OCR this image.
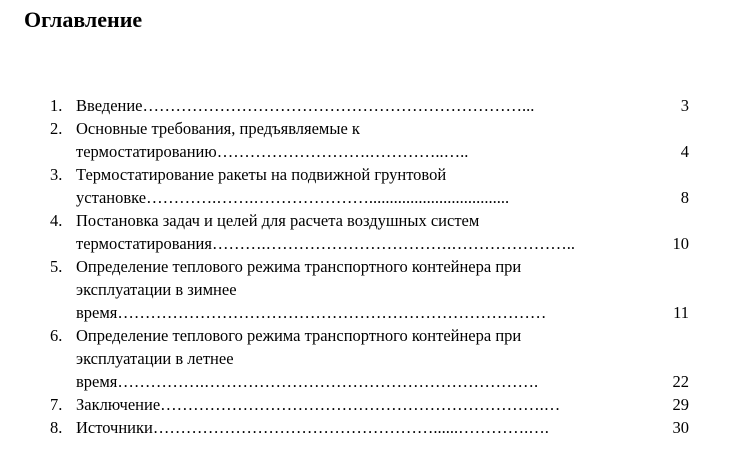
Оглавление
1. Введение ……………………………………………………………...	3
2. Основные требования, предъявляемые к
термостатированию ……………………….…………..…..	4
3. Термостатирование ракеты на подвижной грунтовой
установке ………….…….…………………..................................	8
4. Постановка задач и целей для расчета воздушных систем
термостатирования ……….…………………………….…………………..	10
5. Определение теплового режима транспортного контейнера при
эксплуатации в зимнее
время ……………………………………………………………………	11
6. Определение теплового режима транспортного контейнера при
эксплуатации в летнее
время …………….…………………………………………………….	22
7. Заключение …………………………………………………………….…	29
8. Источники ……………………………………………......………….….	30
